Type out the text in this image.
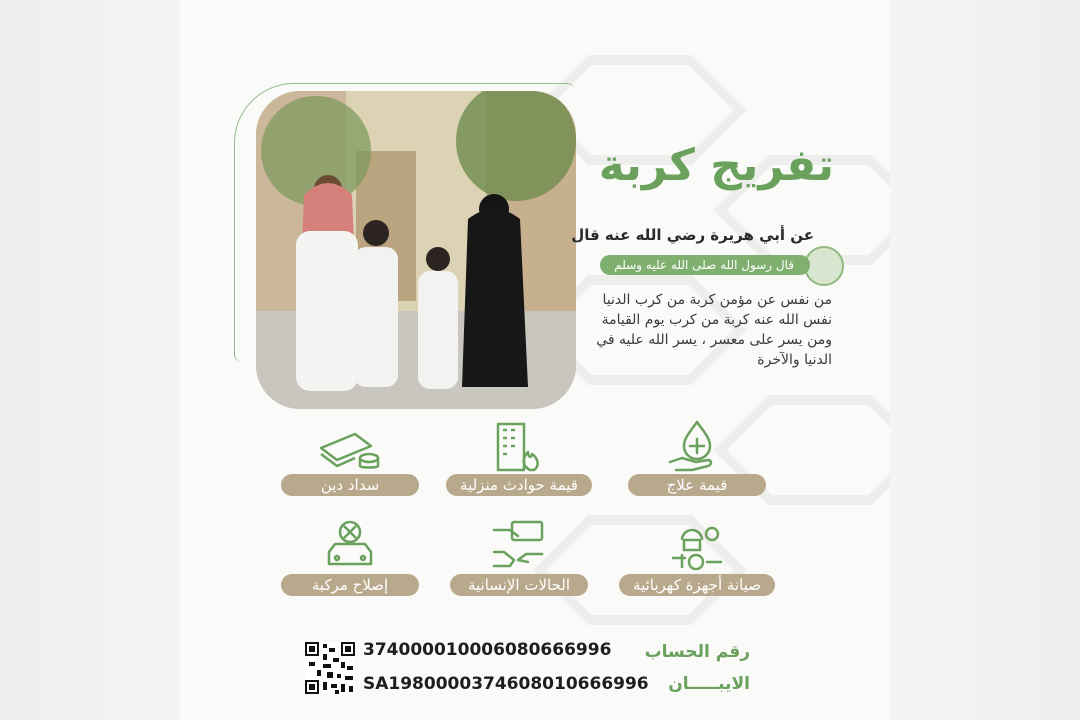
تفريج كربة
عن أبي هريرة رضي الله عنه قال
قال رسول الله صلى الله عليه وسلم
من نفس عن مؤمن كربة من كرب الدنيا
نفس الله عنه كربة من كرب يوم القيامة
ومن يسر على معسر ، يسر الله عليه في
الدنيا والآخرة
قيمة علاج
قيمة حوادث منزلية
سداد دين
صيانة أجهزة كهربائية
الحالات الإنسانية
إصلاح مركبة
374000010006080666996
SA1980000374608010666996
رقم الحساب
الايبـــــان
